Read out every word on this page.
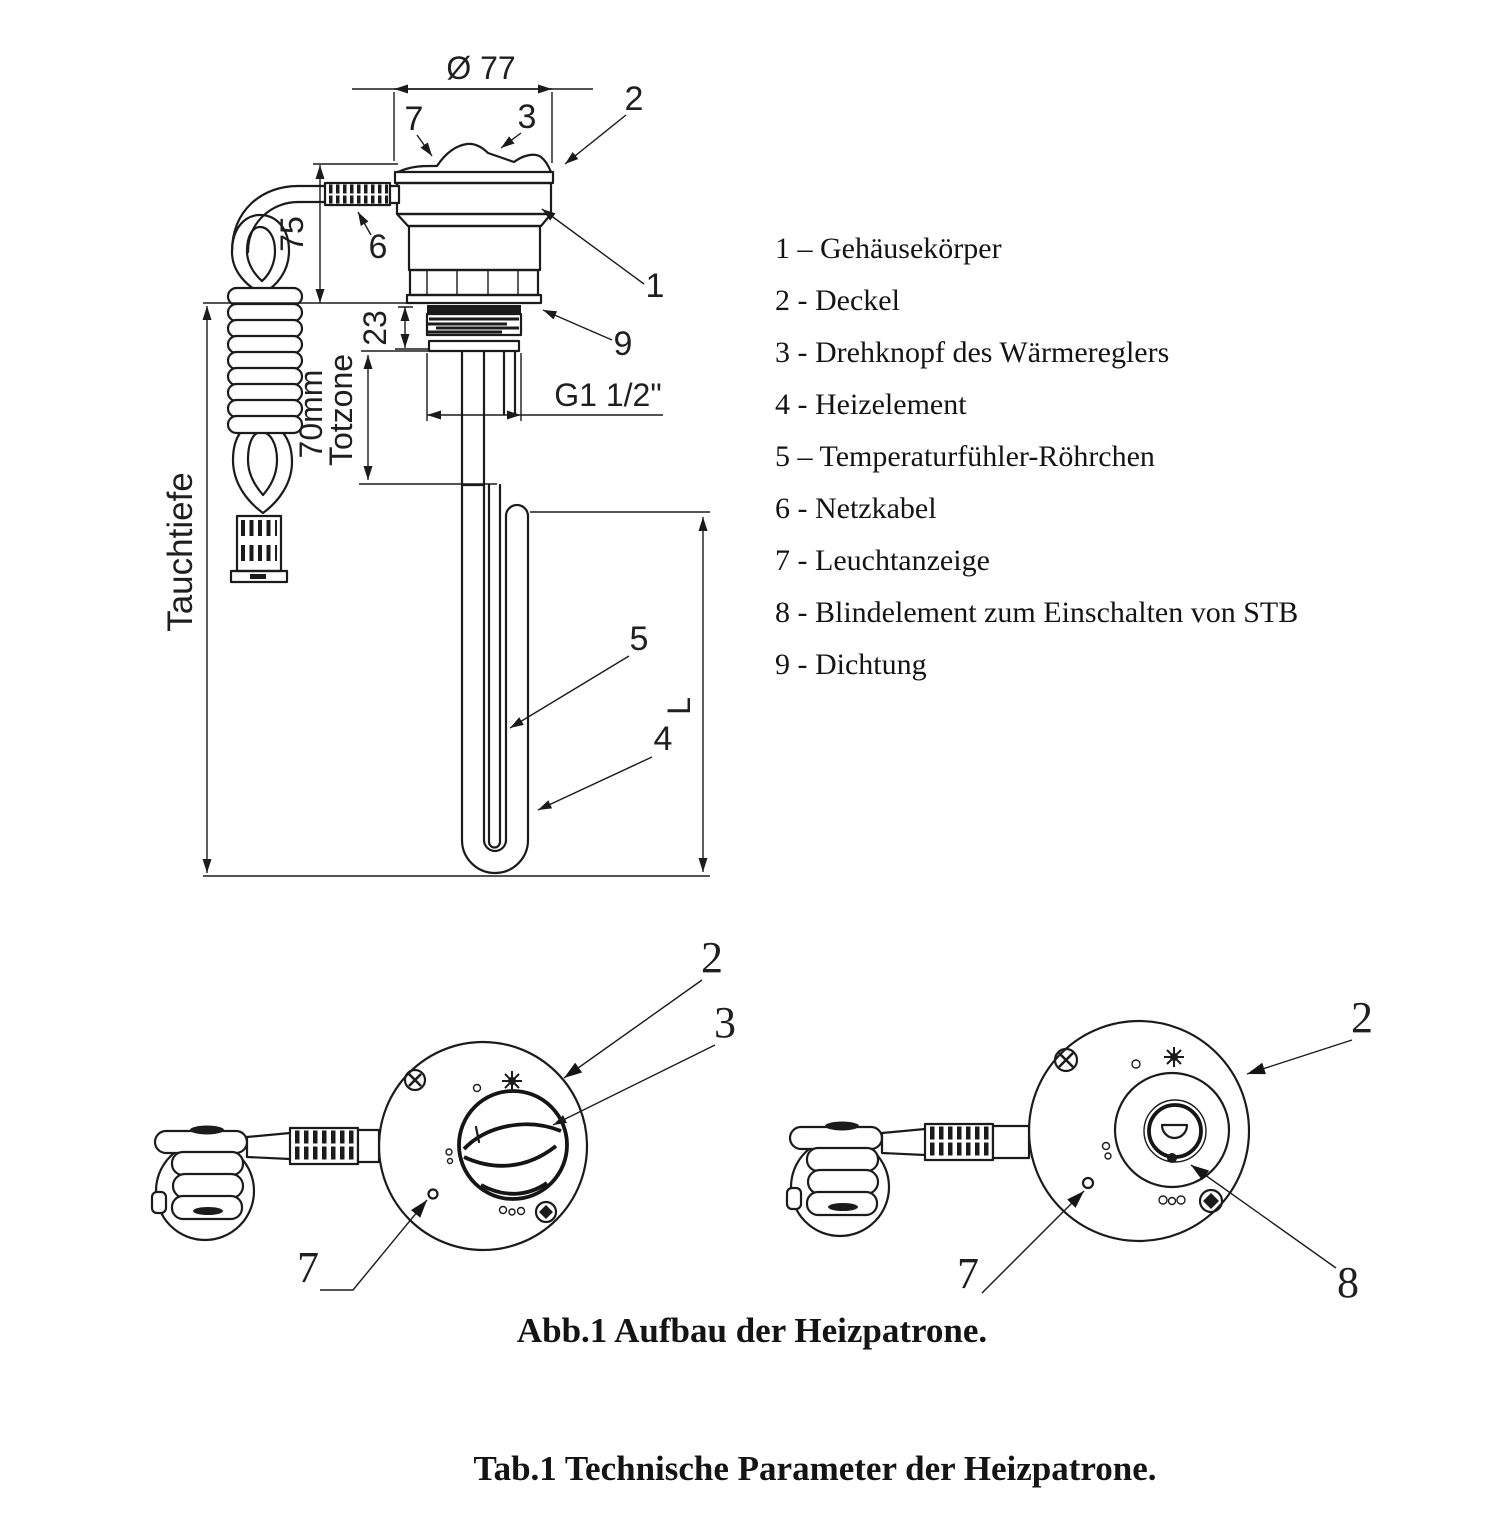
Ø 77
75
23
70mm
Totzone
Tauchtiefe
G1 1/2"
L
7	3	2
1
9
6
5
4
1 – Gehäusekörper
2 - Deckel
3 - Drehknopf des Wärmereglers
4 - Heizelement
5 – Temperaturfühler-Röhrchen
6 - Netzkabel
7 - Leuchtanzeige
8 - Blindelement zum Einschalten von STB
9 - Dichtung
2
3
7
2
8
7
Abb.1 Aufbau der Heizpatrone.
Tab.1 Technische Parameter der Heizpatrone.
